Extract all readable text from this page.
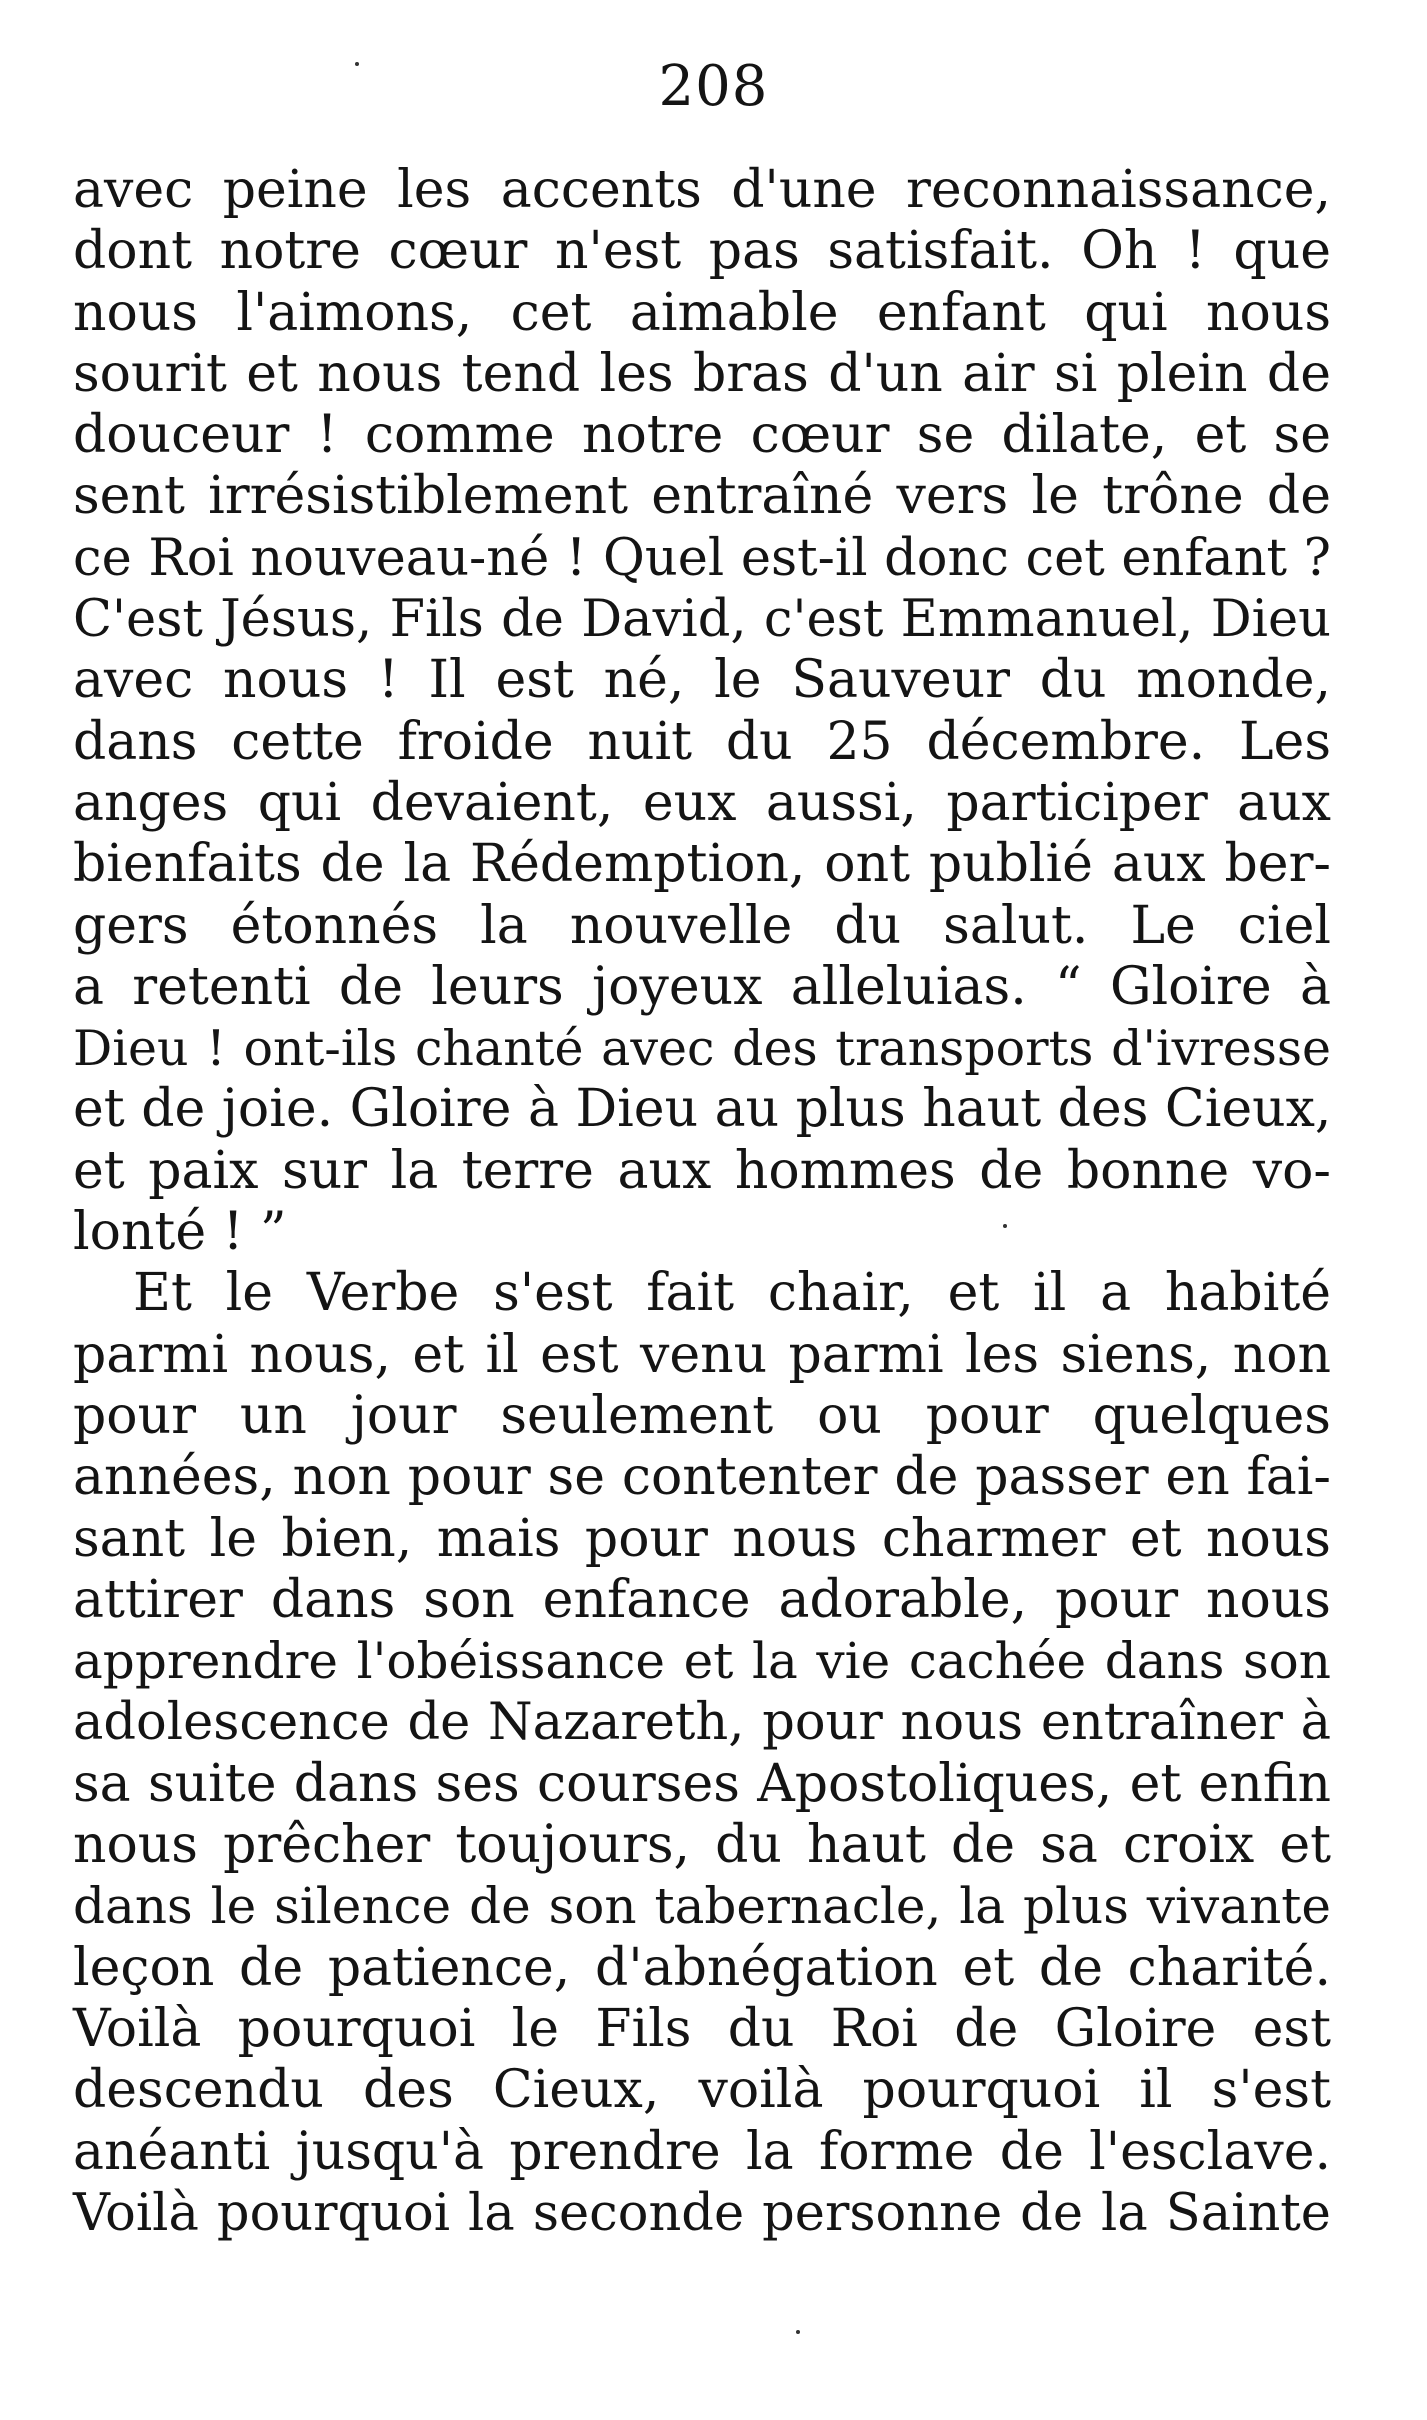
208
avec peine les accents d'une reconnaissance,
dont notre cœur n'est pas satisfait. Oh ! que
nous l'aimons, cet aimable enfant qui nous
sourit et nous tend les bras d'un air si plein de
douceur ! comme notre cœur se dilate, et se
sent irrésistiblement entraîné vers le trône de
ce Roi nouveau-né ! Quel est-il donc cet enfant ?
C'est Jésus, Fils de David, c'est Emmanuel, Dieu
avec nous ! Il est né, le Sauveur du monde,
dans cette froide nuit du 25 décembre. Les
anges qui devaient, eux aussi, participer aux
bienfaits de la Rédemption, ont publié aux ber-
gers étonnés la nouvelle du salut. Le ciel
a retenti de leurs joyeux alleluias. “ Gloire à
Dieu ! ont-ils chanté avec des transports d'ivresse
et de joie. Gloire à Dieu au plus haut des Cieux,
et paix sur la terre aux hommes de bonne vo-
lonté ! ”
Et le Verbe s'est fait chair, et il a habité
parmi nous, et il est venu parmi les siens, non
pour un jour seulement ou pour quelques
années, non pour se contenter de passer en fai-
sant le bien, mais pour nous charmer et nous
attirer dans son enfance adorable, pour nous
apprendre l'obéissance et la vie cachée dans son
adolescence de Nazareth, pour nous entraîner à
sa suite dans ses courses Apostoliques, et enfin
nous prêcher toujours, du haut de sa croix et
dans le silence de son tabernacle, la plus vivante
leçon de patience, d'abnégation et de charité.
Voilà pourquoi le Fils du Roi de Gloire est
descendu des Cieux, voilà pourquoi il s'est
anéanti jusqu'à prendre la forme de l'esclave.
Voilà pourquoi la seconde personne de la Sainte
